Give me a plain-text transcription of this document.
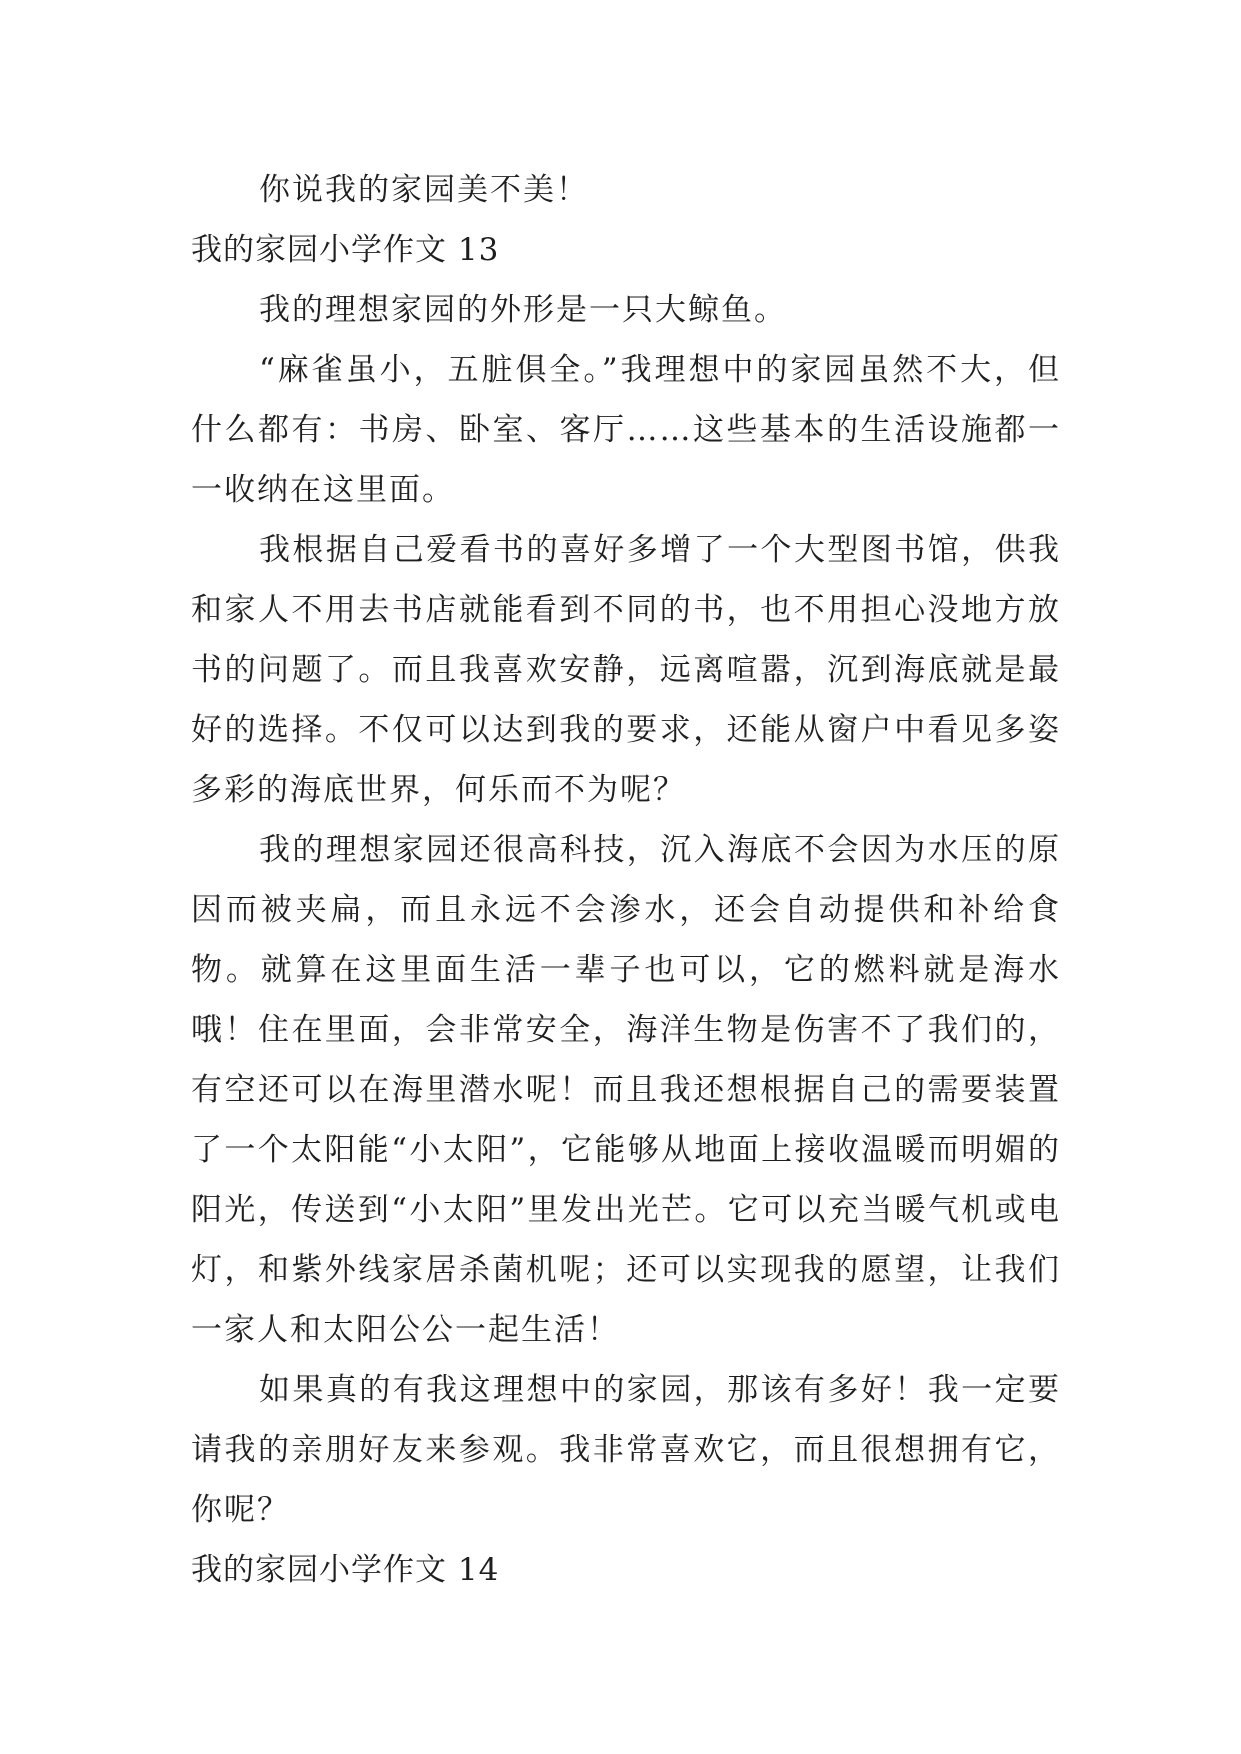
你说我的家园美不美！

我的家园小学作文 13

我的理想家园的外形是一只大鲸鱼。

“麻雀虽小，五脏俱全。”我理想中的家园虽然不大，但什么都有：书房、卧室、客厅……这些基本的生活设施都一一收纳在这里面。

我根据自己爱看书的喜好多增了一个大型图书馆，供我和家人不用去书店就能看到不同的书，也不用担心没地方放书的问题了。而且我喜欢安静，远离喧嚣，沉到海底就是最好的选择。不仅可以达到我的要求，还能从窗户中看见多姿多彩的海底世界，何乐而不为呢？

我的理想家园还很高科技，沉入海底不会因为水压的原因而被夹扁，而且永远不会渗水，还会自动提供和补给食物。就算在这里面生活一辈子也可以，它的燃料就是海水哦！住在里面，会非常安全，海洋生物是伤害不了我们的，有空还可以在海里潜水呢！而且我还想根据自己的需要装置了一个太阳能“小太阳”，它能够从地面上接收温暖而明媚的阳光，传送到“小太阳”里发出光芒。它可以充当暖气机或电灯，和紫外线家居杀菌机呢；还可以实现我的愿望，让我们一家人和太阳公公一起生活！

如果真的有我这理想中的家园，那该有多好！我一定要请我的亲朋好友来参观。我非常喜欢它，而且很想拥有它，你呢？

我的家园小学作文 14
